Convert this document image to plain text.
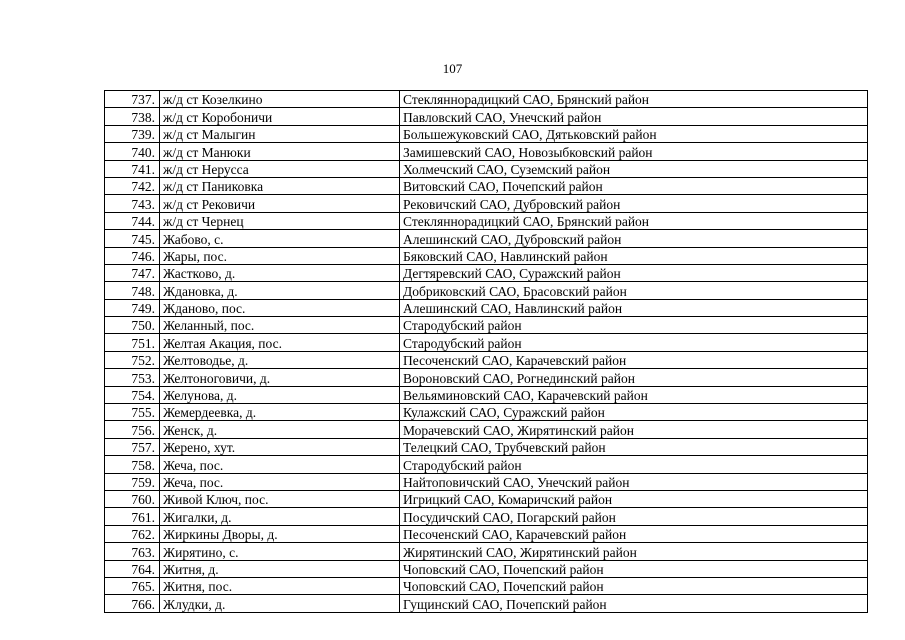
107
737.	ж/д ст Козелкино	Стекляннорадицкий САО, Брянский район
738.	ж/д ст Коробоничи	Павловский САО, Унечский район
739.	ж/д ст Малыгин	Большежуковский САО, Дятьковский район
740.	ж/д ст Манюки	Замишевский САО, Новозыбковский район
741.	ж/д ст Нерусса	Холмечский САО, Суземский район
742.	ж/д ст Паниковка	Витовский САО, Почепский район
743.	ж/д ст Рековичи	Рековичский САО, Дубровский район
744.	ж/д ст Чернец	Стекляннорадицкий САО, Брянский район
745.	Жабово, с.	Алешинский САО, Дубровский район
746.	Жары, пос.	Бяковский САО, Навлинский район
747.	Жастково, д.	Дегтяревский САО, Суражский район
748.	Ждановка, д.	Добриковский САО, Брасовский район
749.	Жданово, пос.	Алешинский САО, Навлинский район
750.	Желанный, пос.	Стародубский район
751.	Желтая Акация, пос.	Стародубский район
752.	Желтоводье, д.	Песоченский САО, Карачевский район
753.	Желтоноговичи, д.	Вороновский САО, Рогнединский район
754.	Желунова, д.	Вельяминовский САО, Карачевский район
755.	Жемердеевка, д.	Кулажский САО, Суражский район
756.	Женск, д.	Морачевский САО, Жирятинский район
757.	Жерено, хут.	Телецкий САО, Трубчевский район
758.	Жеча, пос.	Стародубский район
759.	Жеча, пос.	Найтоповичский САО, Унечский район
760.	Живой Ключ, пос.	Игрицкий САО, Комаричский район
761.	Жигалки, д.	Посудичский САО, Погарский район
762.	Жиркины Дворы, д.	Песоченский САО, Карачевский район
763.	Жирятино, с.	Жирятинский САО, Жирятинский район
764.	Житня, д.	Чоповский САО, Почепский район
765.	Житня, пос.	Чоповский САО, Почепский район
766.	Жлудки, д.	Гущинский САО, Почепский район
